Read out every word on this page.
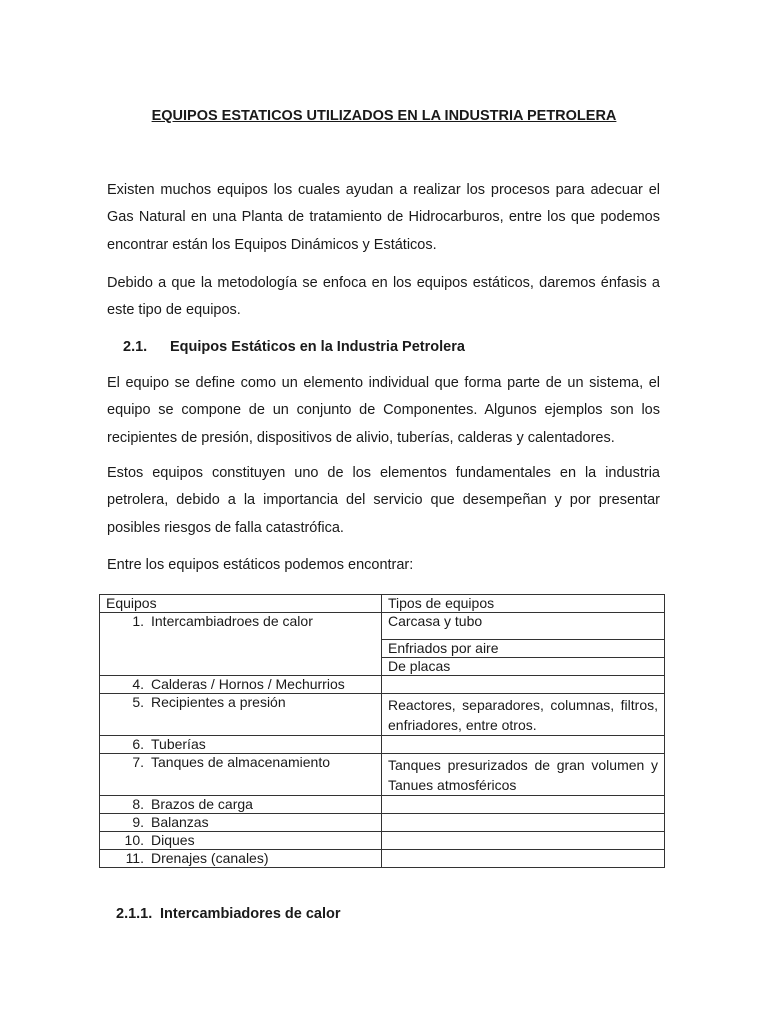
EQUIPOS ESTATICOS UTILIZADOS EN LA INDUSTRIA PETROLERA

Existen muchos equipos los cuales ayudan a realizar los procesos para adecuar el Gas Natural en una Planta de tratamiento de Hidrocarburos, entre los que podemos encontrar están los Equipos Dinámicos y Estáticos.

Debido a que la metodología se enfoca en los equipos estáticos, daremos énfasis a este tipo de equipos.

2.1. Equipos Estáticos en la Industria Petrolera

El equipo se define como un elemento individual que forma parte de un sistema, el equipo se compone de un conjunto de Componentes. Algunos ejemplos son los recipientes de presión, dispositivos de alivio, tuberías, calderas y calentadores.

Estos equipos constituyen uno de los elementos fundamentales en la industria petrolera, debido a la importancia del servicio que desempeñan y por presentar posibles riesgos de falla catastrófica.

Entre los equipos estáticos podemos encontrar:

Equipos	Tipos de equipos

1. Intercambiadroes de calor	Carcasa y tubo
	Enfriados por aire
	De placas

4. Calderas / Hornos / Mechurrios	

5. Recipientes a presión	Reactores, separadores, columnas, filtros, enfriadores, entre otros.

6. Tuberías	

7. Tanques de almacenamiento	Tanques presurizados de gran volumen y Tanues atmosféricos

8. Brazos de carga	

9. Balanzas	

10. Diques	

11. Drenajes (canales)	

2.1.1. Intercambiadores de calor
